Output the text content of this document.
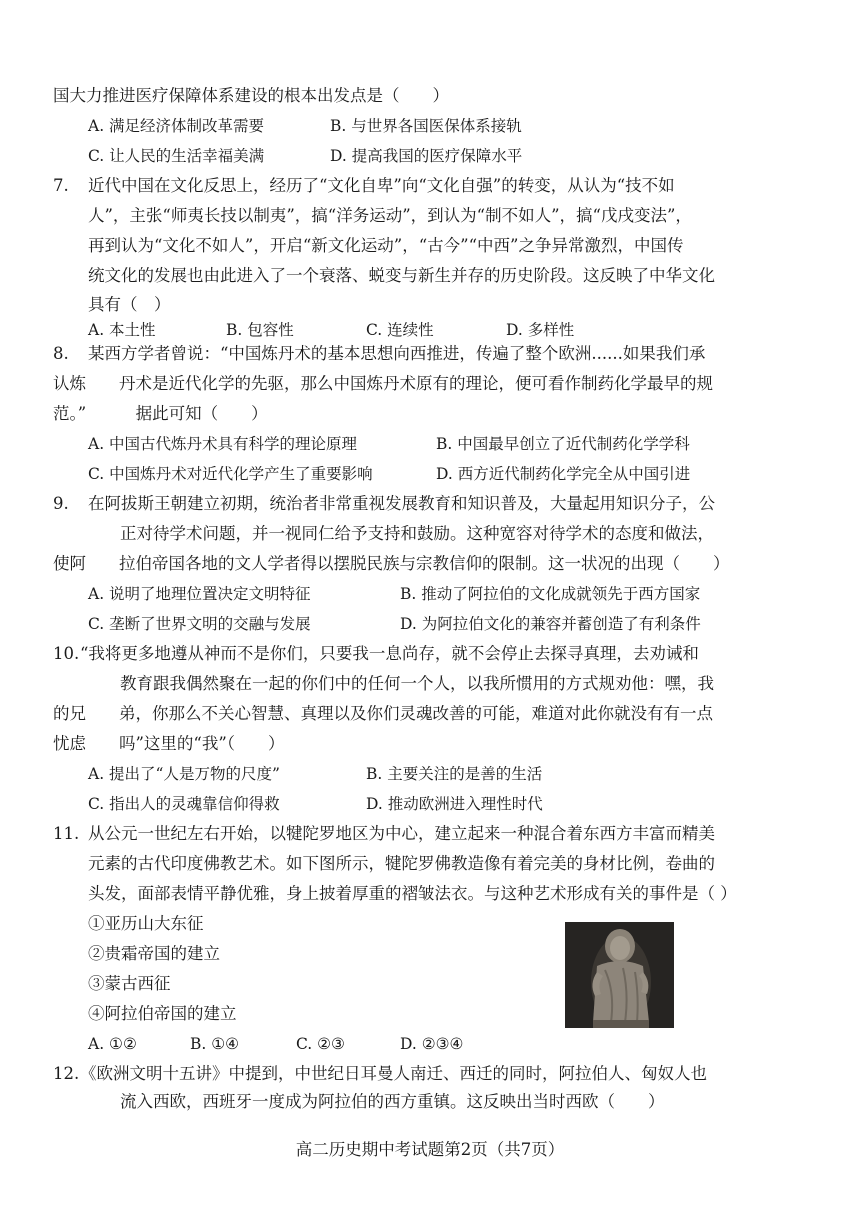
国大力推进医疗保障体系建设的根本出发点是（　　）
A. 满足经济体制改革需要	B. 与世界各国医保体系接轨
C. 让人民的生活幸福美满	D. 提高我国的医疗保障水平
7. 近代中国在文化反思上，经历了“文化自卑”向“文化自强”的转变，从认为“技不如
人”，主张“师夷长技以制夷”，搞“洋务运动”，到认为“制不如人”，搞“戊戌变法”，
再到认为“文化不如人”，开启“新文化运动”，“古今”“中西”之争异常激烈，中国传
统文化的发展也由此进入了一个衰落、蜕变与新生并存的历史阶段。这反映了中华文化
具有（　）
A. 本土性	B. 包容性	C. 连续性	D. 多样性
8. 某西方学者曾说：“中国炼丹术的基本思想向西推进，传遍了整个欧洲......如果我们承
认炼　　丹术是近代化学的先驱，那么中国炼丹术原有的理论，便可看作制药化学最早的规
范。”　　　据此可知（　　）
A. 中国古代炼丹术具有科学的理论原理	B. 中国最早创立了近代制药化学学科
C. 中国炼丹术对近代化学产生了重要影响	D. 西方近代制药化学完全从中国引进
9. 在阿拔斯王朝建立初期，统治者非常重视发展教育和知识普及，大量起用知识分子，公
正对待学术问题，并一视同仁给予支持和鼓励。这种宽容对待学术的态度和做法，
使阿　　拉伯帝国各地的文人学者得以摆脱民族与宗教信仰的限制。这一状况的出现（　　）
A. 说明了地理位置决定文明特征	B. 推动了阿拉伯的文化成就领先于西方国家
C. 垄断了世界文明的交融与发展	D. 为阿拉伯文化的兼容并蓄创造了有利条件
10. “我将更多地遵从神而不是你们，只要我一息尚存，就不会停止去探寻真理，去劝诫和
教育跟我偶然聚在一起的你们中的任何一个人，以我所惯用的方式规劝他：嘿，我
的兄　　弟，你那么不关心智慧、真理以及你们灵魂改善的可能，难道对此你就没有有一点
忧虑　　吗”这里的“我”（　　）
A. 提出了“人是万物的尺度”	B. 主要关注的是善的生活
C. 指出人的灵魂靠信仰得救	D. 推动欧洲进入理性时代
11. 从公元一世纪左右开始，以犍陀罗地区为中心，建立起来一种混合着东西方丰富而精美
元素的古代印度佛教艺术。如下图所示，犍陀罗佛教造像有着完美的身材比例，卷曲的
头发，面部表情平静优雅，身上披着厚重的褶皱法衣。与这种艺术形成有关的事件是（ ）
①亚历山大东征
②贵霜帝国的建立
③蒙古西征
④阿拉伯帝国的建立
A. ①②	B. ①④	C. ②③	D. ②③④
12. 《欧洲文明十五讲》中提到，中世纪日耳曼人南迁、西迁的同时，阿拉伯人、匈奴人也
流入西欧，西班牙一度成为阿拉伯的西方重镇。这反映出当时西欧（　　）
高二历史期中考试题第2页（共7页）
